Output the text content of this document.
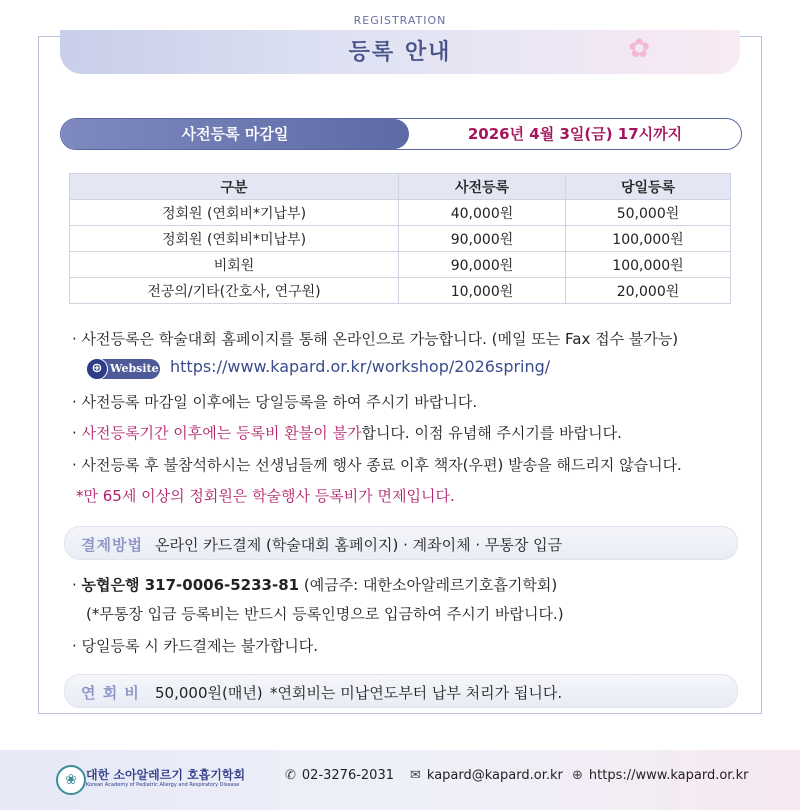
REGISTRATION
등록 안내	✿
사전등록 마감일	2026년 4월 3일(금) 17시까지
구분	사전등록	당일등록
정회원 (연회비*기납부)	40,000원	50,000원
정회원 (연회비*미납부)	90,000원	100,000원
비회원	90,000원	100,000원
전공의/기타(간호사, 연구원)	10,000원	20,000원
· 사전등록은 학술대회 홈페이지를 통해 온라인으로 가능합니다. (메일 또는 Fax 접수 불가능)
⊕ Website https://www.kapard.or.kr/workshop/2026spring/
· 사전등록 마감일 이후에는 당일등록을 하여 주시기 바랍니다.
· 사전등록기간 이후에는 등록비 환불이 불가합니다. 이점 유념해 주시기를 바랍니다.
· 사전등록 후 불참석하시는 선생님들께 행사 종료 이후 책자(우편) 발송을 해드리지 않습니다.
*만 65세 이상의 정회원은 학술행사 등록비가 면제입니다.
결제방법 온라인 카드결제 (학술대회 홈페이지) · 계좌이체 · 무통장 입금
· 농협은행 317-0006-5233-81 (예금주: 대한소아알레르기호흡기학회)
(*무통장 입금 등록비는 반드시 등록인명으로 입금하여 주시기 바랍니다.)
· 당일등록 시 카드결제는 불가합니다.
연 회 비 50,000원(매년) *연회비는 미납연도부터 납부 처리가 됩니다.
❀ 대한 소아알레르기 호흡기학회
Korean Academy of Pediatric Allergy and Respiratory Disease
✆ 02-3276-2031 ✉ kapard@kapard.or.kr ⊕ https://www.kapard.or.kr
